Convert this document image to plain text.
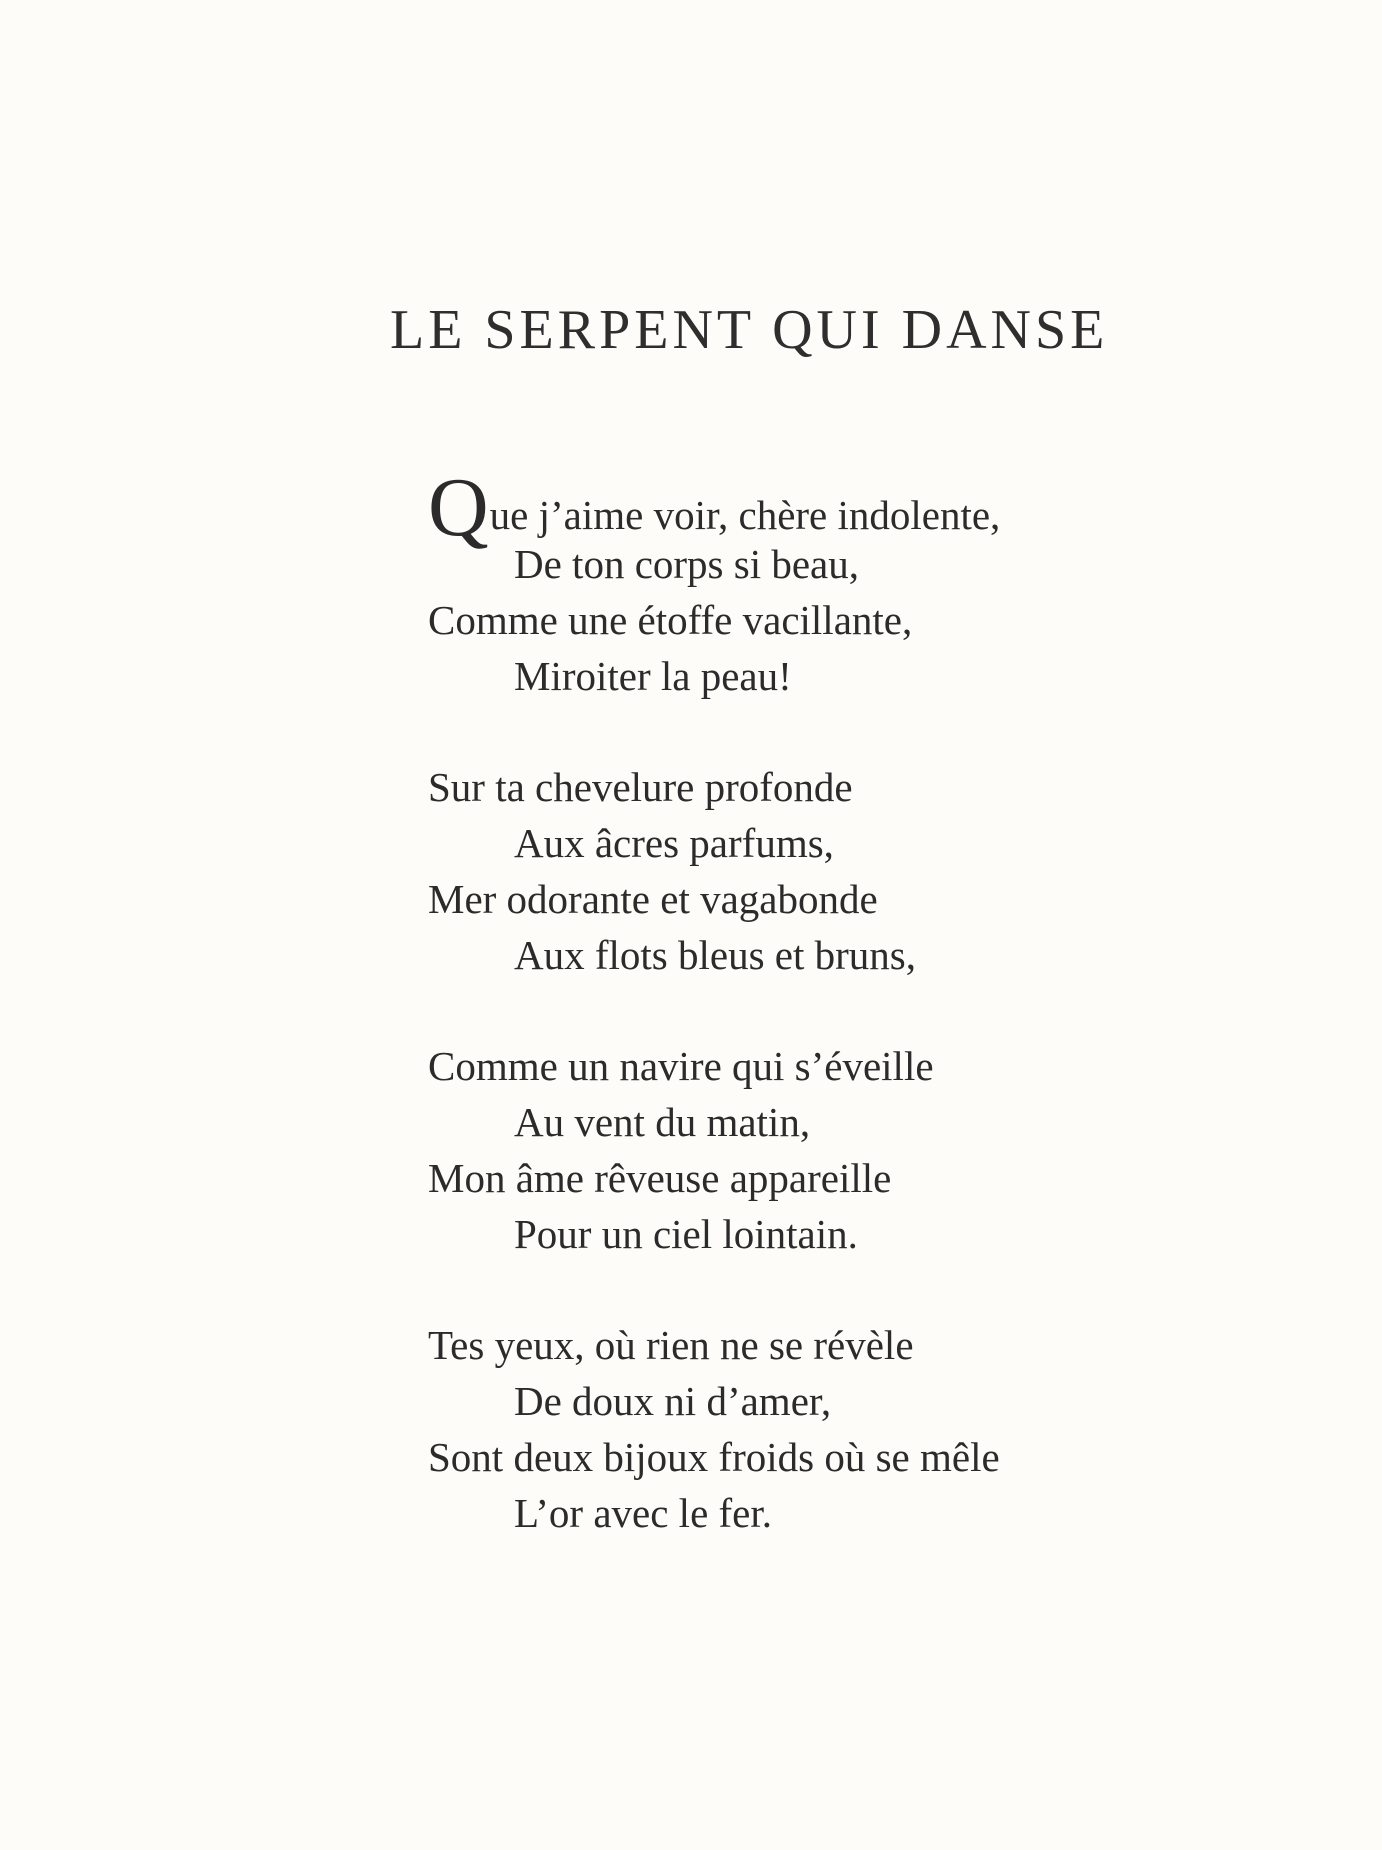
LE SERPENT QUI DANSE
Que j’aime voir, chère indolente,
De ton corps si beau,
Comme une étoffe vacillante,
Miroiter la peau!
Sur ta chevelure profonde
Aux âcres parfums,
Mer odorante et vagabonde
Aux flots bleus et bruns,
Comme un navire qui s’éveille
Au vent du matin,
Mon âme rêveuse appareille
Pour un ciel lointain.
Tes yeux, où rien ne se révèle
De doux ni d’amer,
Sont deux bijoux froids où se mêle
L’or avec le fer.
